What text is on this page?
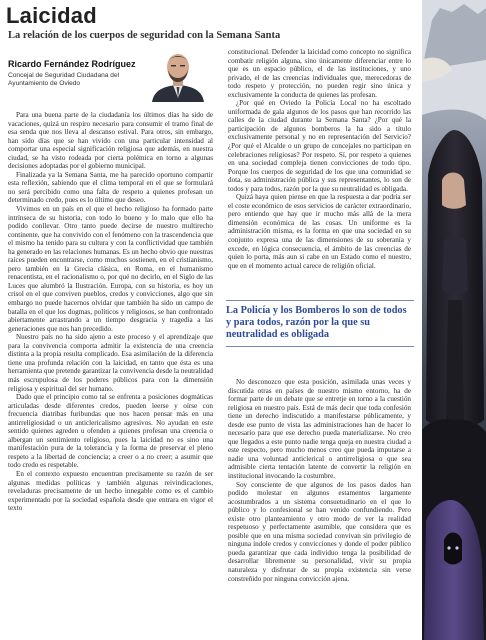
Laicidad
La relación de los cuerpos de seguridad con la Semana Santa
Ricardo Fernández Rodríguez
Concejal de Seguridad Ciudadana del Ayuntamiento de Oviedo

Para una buena parte de la ciudadanía los últimos días ha sido de vacaciones, quizá un respiro necesario para consumir el tramo final de esa senda que nos lleva al descanso estival. Para otros, sin embargo, han sido días que se han vivido con una particular intensidad al comportar una especial significación religiosa que además, en nuestra ciudad, se ha visto rodeada por cierta polémica en torno a algunas decisiones adoptadas por el gobierno municipal.

Finalizada ya la Semana Santa, me ha parecido oportuno compartir esta reflexión, sabiendo que el clima temporal en el que se formulará no será percibido como una falta de respeto a quienes profesan un determinado credo, pues es lo último que deseo.

Vivimos en un país en el que el hecho religioso ha formado parte intrínseca de su historia, con todo lo bueno y lo malo que ello ha podido conllevar. Otro tanto puede decirse de nuestro multirecho continente, que ha convivido con el fenómeno con la trascendencia que el mismo ha tenido para su cultura y con la conflictividad que también ha generado en las relaciones humanas. Es un hecho obvio que nuestras raíces pueden encontrarse, como muchos sostienen, en el cristianismo, pero también en la Grecia clásica, en Roma, en el humanismo renacentista, en el racionalismo o, por qué no decirlo, en el Siglo de las Luces que alumbró la Ilustración. Europa, con su historia, es hoy un crisol en el que conviven pueblos, credos y convicciones, algo que sin embargo no puede hacernos olvidar que también ha sido un campo de batalla en el que los dogmas, políticos y religiosos, se han confrontado abiertamente arrastrando a un tiempo desgracia y tragedia a las generaciones que nos han precedido.

Nuestro país no ha sido ajeno a este proceso y el aprendizaje que para la convivencia comporta admitir la existencia de una creencia distinta a la propia resulta complicado. Esa asimilación de la diferencia tiene una profunda relación con la laicidad, en tanto que ésta es una herramienta que pretende garantizar la convivencia desde la neutralidad más escrupulosa de los poderes públicos para con la dimensión religiosa y espiritual del ser humano.

Dado que el principio como tal se enfrenta a posiciones dogmáticas articuladas desde diferentes credos, pueden leerse y oírse con frecuencia diatribas furibundas que nos hacen pensar más en una antirreligiosidad o un anticlericalismo agresivos. No ayudan en este sentido quienes agreden u ofenden a quienes profesan una creencia o albergan un sentimiento religioso, pues la laicidad no es sino una manifestación pura de la tolerancia y la forma de preservar el pleno respeto a la libertad de conciencia; a creer o a no creer; a asumir que todo credo es respetable.

En el contexto expuesto encuentran precisamente su razón de ser algunas medidas políticas y también algunas reivindicaciones, reveladuras precisamente de un hecho innegable como es el cambio experimentado por la sociedad española desde que entrara en vigor el texto

constitucional. Defender la laicidad como concepto no significa combatir religión alguna, sino únicamente diferenciar entre lo que es un espacio público, el de las instituciones, y uno privado, el de las creencias individuales que, merecedoras de todo respeto y protección, no pueden regir sino única y exclusivamente la conducta de quienes las profesan.

¿Por qué en Oviedo la Policía Local no ha escoltado uniformada de gala algunos de los pasos que han recorrido las calles de la ciudad durante la Semana Santa? ¿Por qué la participación de algunos bomberos la ha sido a título exclusivamente personal y no en representación del Servicio? ¿Por qué el Alcalde o un grupo de concejales no participan en celebraciones religiosas? Por respeto. Sí, por respeto a quienes en una sociedad compleja tienen convicciones de todo tipo. Porque los cuerpos de seguridad de los que una comunidad se dota, su administración pública y sus representantes, lo son de todos y para todos, razón por la que su neutralidad es obligada.

Quizá haya quien piense en que la respuesta a dar podría ser el coste económico de esos servicios de carácter extraordinario, pero entiendo que hay que ir mucho más allá de la mera dimensión económica de las cosas. Un uniforme es la administración misma, es la forma en que una sociedad en su conjunto expresa una de las dimensiones de su soberanía y excede, en lógica consecuencia, el ámbito de las creencias de quien lo porta, más aun si cabe en un Estado como el nuestro, que en el momento actual carece de religión oficial.

La Policía y los Bomberos lo son de todos y para todos, razón por la que su neutralidad es obligada

No desconozco que esta posición, asimilada unas veces y discutida otras en países de nuestro mismo entorno, ha de formar parte de un debate que se entretje en torno a la cuestión religiosa en nuestro país. Está de más decir que toda confesión tiene un derecho indiscutido a manifestarse públicamente, y desde ese punto de vista las administraciones han de hacer lo necesario para que ese derecho pueda materializarse. No creo que llegados a este punto nadie tenga queja en nuestra ciudad a este respecto, pero mucho menos creo que pueda imputarse a nadie una voluntad anticlerical o antirreligiosa o que sea admisible cierta tentación latente de convertir la religión en institucional invocando la costumbre.

Soy consciente de que algunos de los pasos dados han podido molestar en algunos estamentos largamente acostumbrados a un sistema consuetudinario en el que lo público y lo confesional se han venido confundiendo. Pero existe otro planteamiento y otro modo de ver la realidad respetuoso y perfectamente asumible, que considera que es posible que en una misma sociedad convivan sin privilegio de ninguna índole credos y convicciones y donde el poder público pueda garantizar que cada individuo tenga la posibilidad de desarrollar libremente su personalidad, vivir su propia naturaleza y disfrutar de su propia existencia sin verse constreñido por ninguna convicción ajena.
